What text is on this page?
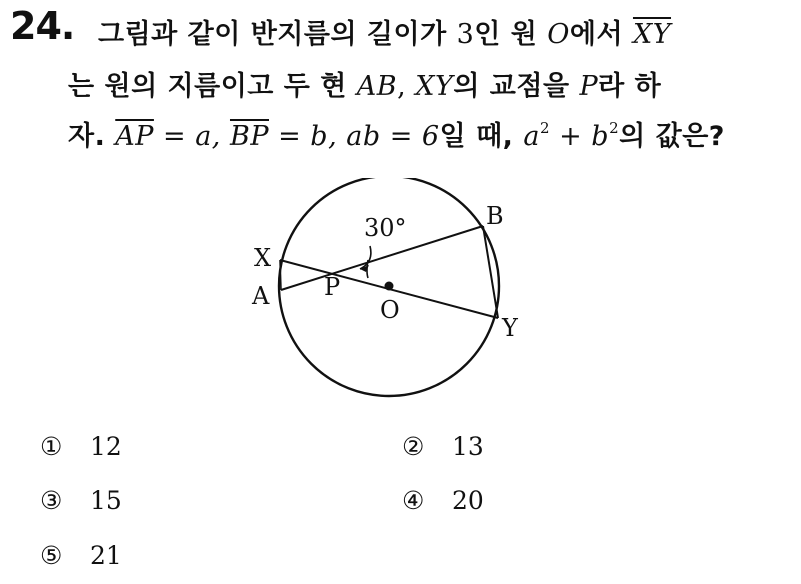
24. 그림과 같이 반지름의 길이가 3인 원 O에서 $\overline{XY}$
는 원의 지름이고 두 현 AB, XY의 교점을 P라 하
자. $\overline{AP} = a$, $\overline{BP} = b$, ab = 6일 때, $a^2 + b^2$의 값은?
30°
X
A P
O
B
Y
① 12	② 13
③ 15	④ 20
⑤ 21
